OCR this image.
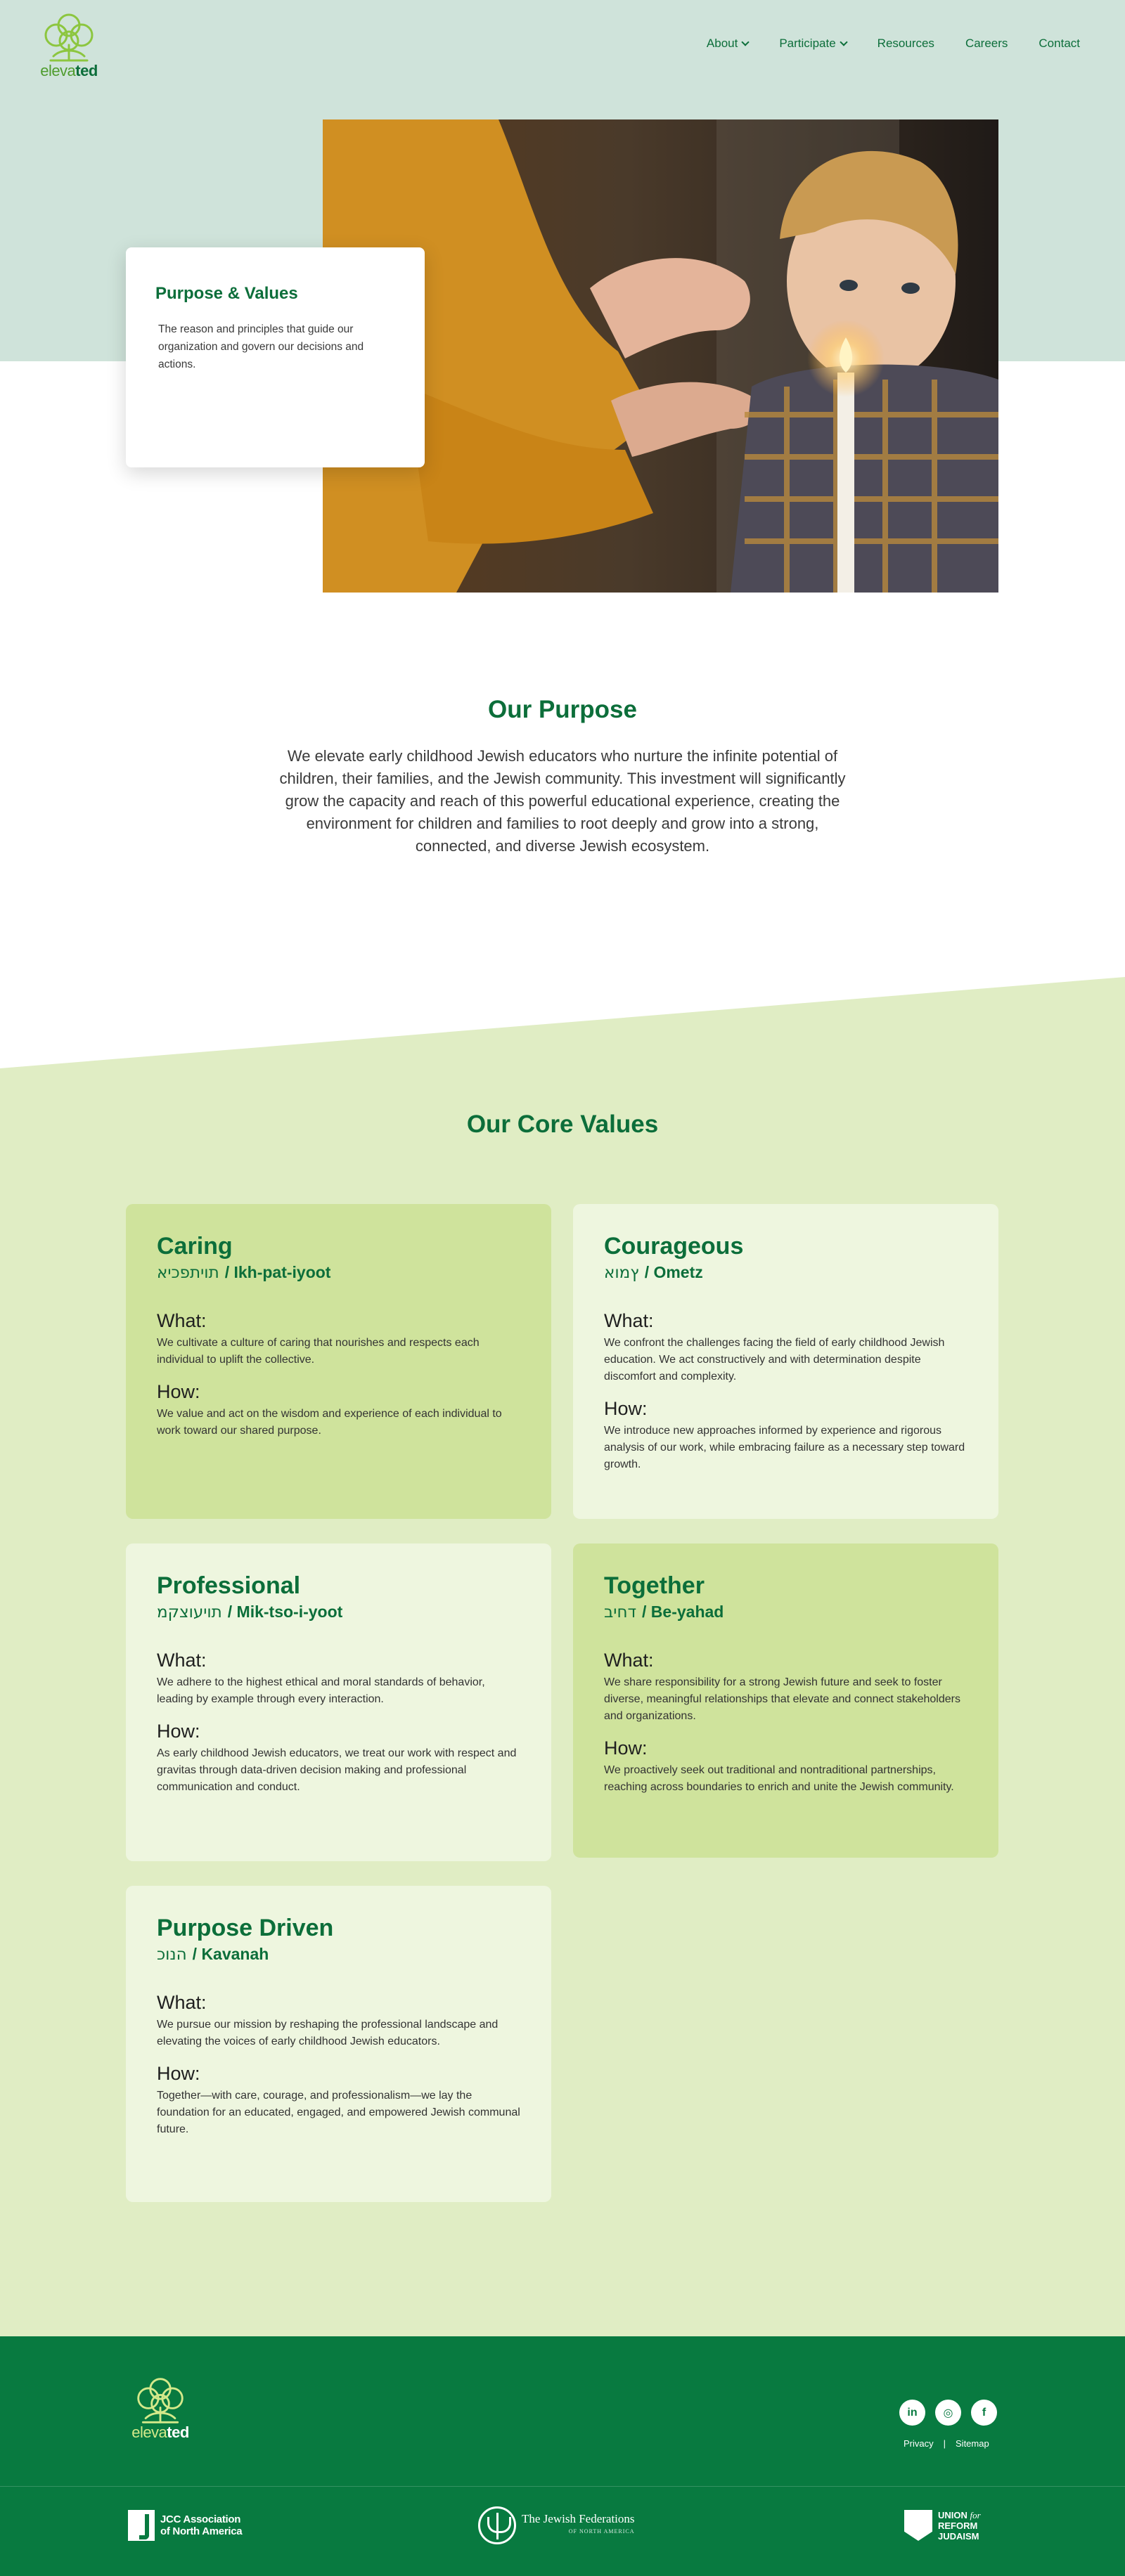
elevated
About	Participate	Resources	Careers	Contact
Purpose & Values

The reason and principles that guide our organization and govern our decisions and actions.

Our Purpose

We elevate early childhood Jewish educators who nurture the infinite potential of children, their families, and the Jewish community. This investment will significantly grow the capacity and reach of this powerful educational experience, creating the environment for children and families to root deeply and grow into a strong, connected, and diverse Jewish ecosystem.

Our Core Values
Caring
תויתפכיא / Ikh-pat-iyoot
What:

We cultivate a culture of caring that nourishes and respects each individual to uplift the collective.

How:

We value and act on the wisdom and experience of each individual to work toward our shared purpose.

Courageous
ץמוא / Ometz
What:

We confront the challenges facing the field of early childhood Jewish education. We act constructively and with determination despite discomfort and complexity.

How:

We introduce new approaches informed by experience and rigorous analysis of our work, while embracing failure as a necessary step toward growth.

Professional
תויעוצקמ / Mik-tso-i-yoot
What:

We adhere to the highest ethical and moral standards of behavior, leading by example through every interaction.

How:

As early childhood Jewish educators, we treat our work with respect and gravitas through data-driven decision making and professional communication and conduct.

Together
דחיב / Be-yahad
What:

We share responsibility for a strong Jewish future and seek to foster diverse, meaningful relationships that elevate and connect stakeholders and organizations.

How:

We proactively seek out traditional and nontraditional partnerships, reaching across boundaries to enrich and unite the Jewish community.

Purpose Driven
הנוכ / Kavanah
What:

We pursue our mission by reshaping the professional landscape and elevating the voices of early childhood Jewish educators.

How:

Together—with care, courage, and professionalism—we lay the foundation for an educated, engaged, and empowered Jewish communal future.

elevated
in	◎	f
Privacy | Sitemap
JCC Association
of North America
The Jewish Federations
OF NORTH AMERICA
UNION for
REFORM
JUDAISM
